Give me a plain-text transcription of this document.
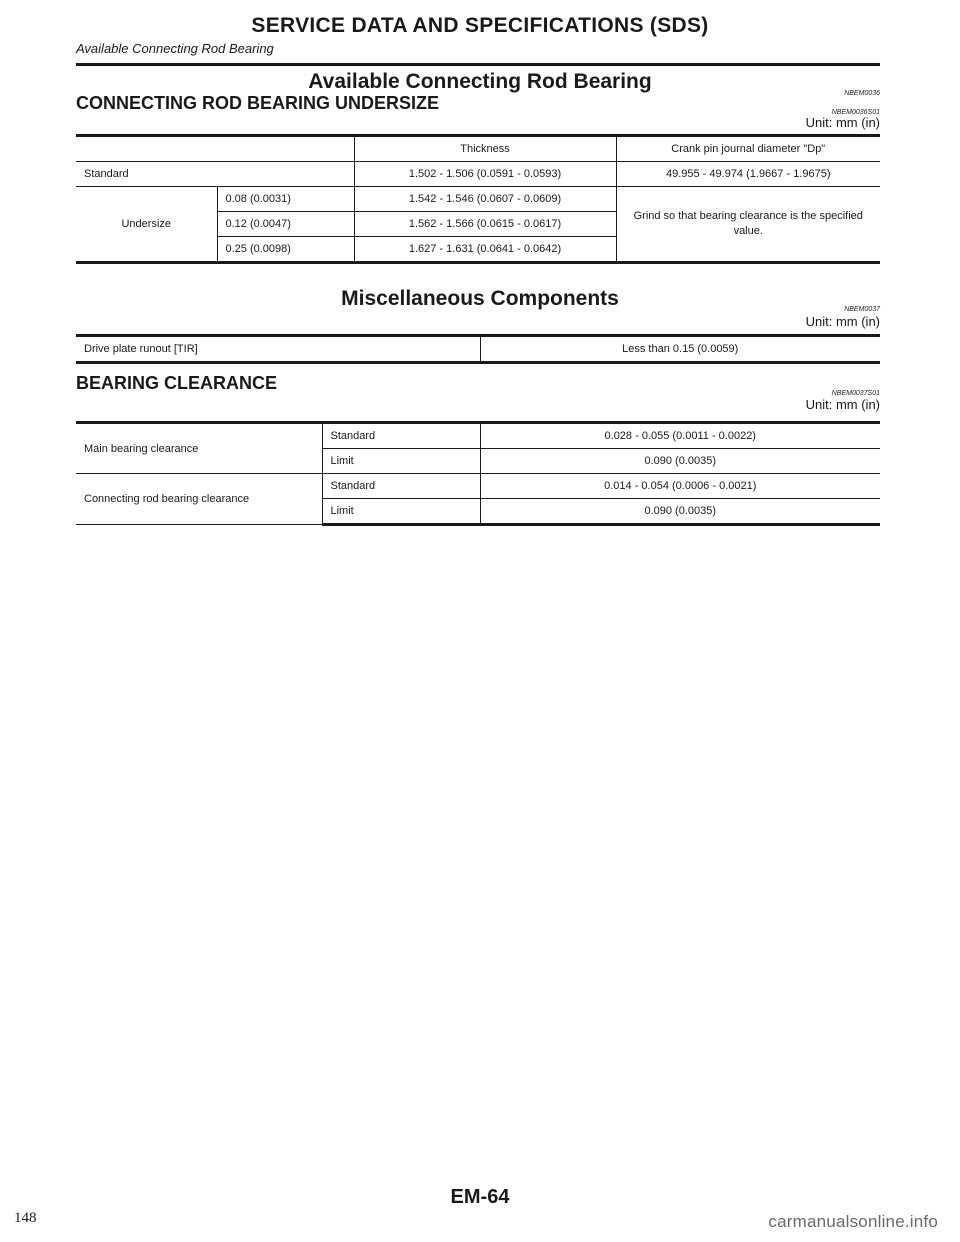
SERVICE DATA AND SPECIFICATIONS (SDS)
Available Connecting Rod Bearing
Available Connecting Rod Bearing
NBEM0036
CONNECTING ROD BEARING UNDERSIZE	NBEM0036S01
Unit: mm (in)
		Thickness	Crank pin journal diameter "Dp"
Standard		1.502 - 1.506 (0.0591 - 0.0593)	49.955 - 49.974 (1.9667 - 1.9675)
Undersize	0.08 (0.0031)	1.542 - 1.546 (0.0607 - 0.0609)	Grind so that bearing clearance is the specified value.
	0.12 (0.0047)	1.562 - 1.566 (0.0615 - 0.0617)	
	0.25 (0.0098)	1.627 - 1.631 (0.0641 - 0.0642)	
Miscellaneous Components	NBEM0037
Unit: mm (in)
Drive plate runout [TIR]	Less than 0.15 (0.0059)
BEARING CLEARANCE
NBEM0037S01
Unit: mm (in)
Main bearing clearance	Standard	0.028 - 0.055 (0.0011 - 0.0022)
	Limit	0.090 (0.0035)
Connecting rod bearing clearance	Standard	0.014 - 0.054 (0.0006 - 0.0021)
	Limit	0.090 (0.0035)
EM-64
148	carmanualsonline.info
